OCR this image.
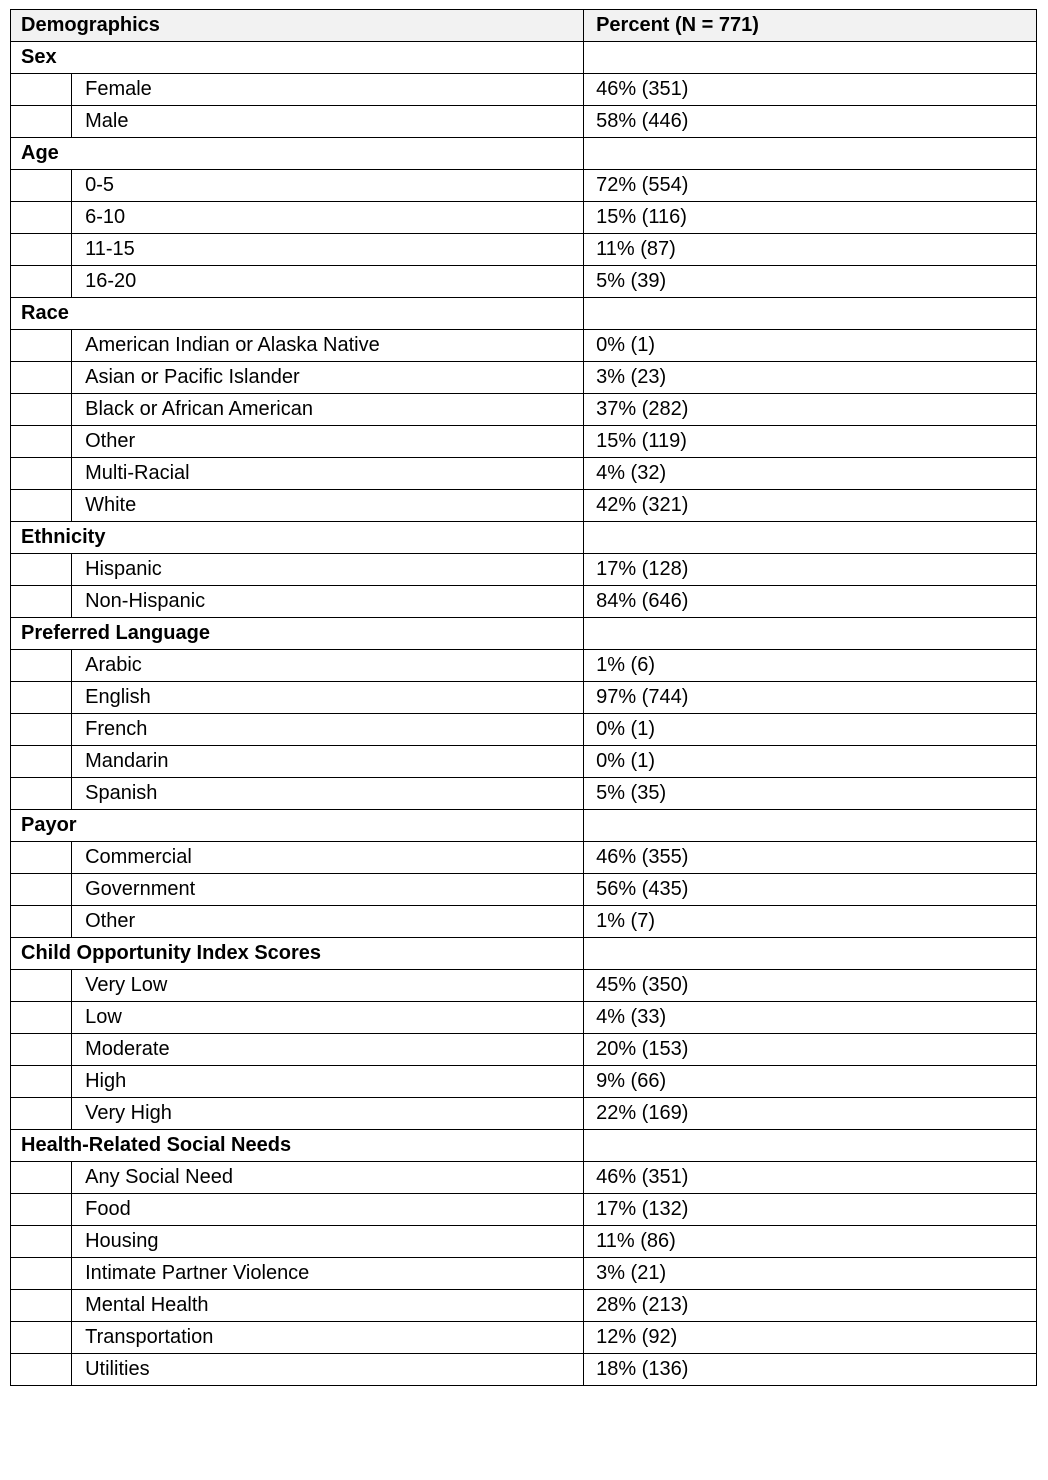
Demographics		Percent (N = 771)
Sex		
	Female	46% (351)
	Male	58% (446)
Age		
	0-5	72% (554)
	6-10	15% (116)
	11-15	11% (87)
	16-20	5% (39)
Race		
	American Indian or Alaska Native	0% (1)
	Asian or Pacific Islander	3% (23)
	Black or African American	37% (282)
	Other	15% (119)
	Multi-Racial	4% (32)
	White	42% (321)
Ethnicity		
	Hispanic	17% (128)
	Non-Hispanic	84% (646)
Preferred Language		
	Arabic	1% (6)
	English	97% (744)
	French	0% (1)
	Mandarin	0% (1)
	Spanish	5% (35)
Payor		
	Commercial	46% (355)
	Government	56% (435)
	Other	1% (7)
Child Opportunity Index Scores		
	Very Low	45% (350)
	Low	4% (33)
	Moderate	20% (153)
	High	9% (66)
	Very High	22% (169)
Health-Related Social Needs		
	Any Social Need	46% (351)
	Food	17% (132)
	Housing	11% (86)
	Intimate Partner Violence	3% (21)
	Mental Health	28% (213)
	Transportation	12% (92)
	Utilities	18% (136)
